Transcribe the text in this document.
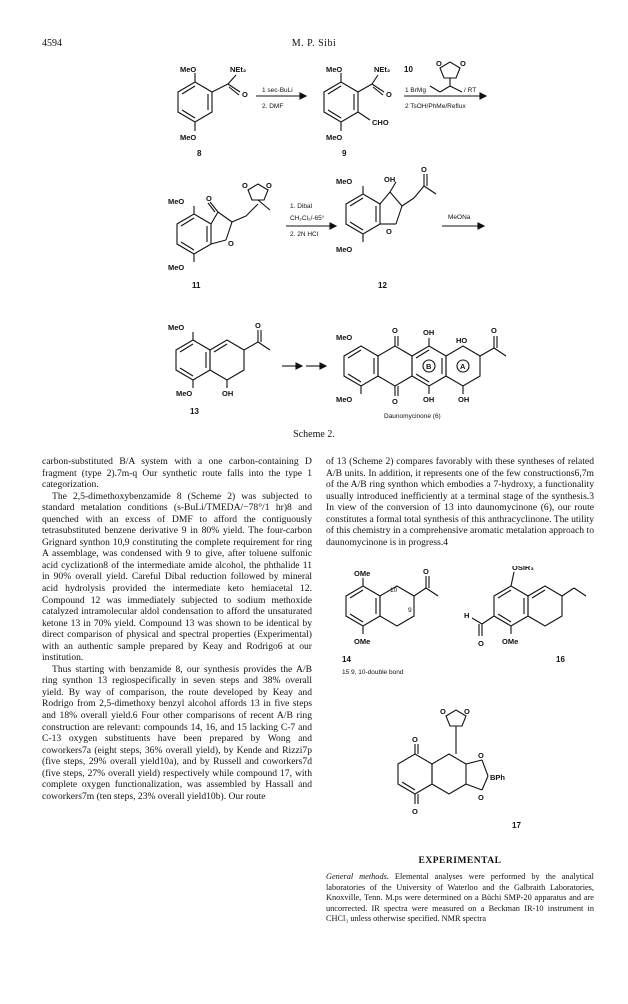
4594	M. P. Sibi
MeO	NEt₂
O
MeO
8
1 sec-BuLi
2. DMF
MeO	NEt₂
O
CHO
MeO
9
10
O O
1 BrMg	/ RT
2 TsOH/PhMe/Reflux
MeO	O
O
O O
MeO
11
1. Dibal
CH₂Cl₂/-65°
2. 2N HCl
MeO	OH
O
O
MeO
12
MeONa
MeO	O
MeO	OH
13
MeO
O	OH
HO
O
B	A
MeO	O	OH	OH
Daunomycinone (6)
Scheme 2.

carbon-substituted B/A system with a one carbon-containing D fragment (type 2).7m-q Our synthetic route falls into the type 1 categorization.

The 2,5-dimethoxybenzamide 8 (Scheme 2) was subjected to standard metalation conditions (s-BuLi/TMEDA/−78°/1 hr)8 and quenched with an excess of DMF to afford the contiguously tetrasubstituted benzene derivative 9 in 80% yield. The four-carbon Grignard synthon 10,9 constituting the complete requirement for ring A assemblage, was condensed with 9 to give, after toluene sulfonic acid cyclization8 of the intermediate amide alcohol, the phthalide 11 in 90% overall yield. Careful Dibal reduction followed by mineral acid hydrolysis provided the intermediate keto hemiacetal 12. Compound 12 was immediately subjected to sodium methoxide catalyzed intramolecular aldol condensation to afford the unsaturated ketone 13 in 70% yield. Compound 13 was shown to be identical by direct comparison of physical and spectral properties (Experimental) with an authentic sample prepared by Keay and Rodrigo6 at our institution.

Thus starting with benzamide 8, our synthesis provides the A/B ring synthon 13 regiospecifically in seven steps and 38% overall yield. By way of comparison, the route developed by Keay and Rodrigo from 2,5-dimethoxy benzyl alcohol affords 13 in five steps and 18% overall yield.6 Four other comparisons of recent A/B ring construction are relevant: compounds 14, 16, and 15 lacking C-7 and C-13 oxygen substituents have been prepared by Wong and coworkers7a (eight steps, 36% overall yield), by Kende and Rizzi7p (five steps, 29% overall yield10a), and by Russell and coworkers7d (five steps, 27% overall yield) respectively while compound 17, with complete oxygen functionalization, was assembled by Hassall and coworkers7m (ten steps, 23% overall yield10b). Our route

of 13 (Scheme 2) compares favorably with these syntheses of related A/B units. In addition, it represents one of the few constructions6,7m of the A/B ring synthon which embodies a 7-hydroxy, a functionality usually introduced inefficiently at a terminal stage of the synthesis.3 In view of the conversion of 13 into daunomycinone (6), our route constitutes a formal total synthesis of this anthracyclinone. The utility of this chemistry in a comprehensive aromatic metalation approach to daunomycinone is in progress.4

OMe	O
10
9
OMe
14
15 9, 10-double bond
OSiR₃
H
O OMe
16
O O
O
O
BPh
O
O
17
EXPERIMENTAL
General methods. Elemental analyses were performed by the analytical laboratories of the University of Waterloo and the Galbraith Laboratories, Knoxville, Tenn. M.ps were determined on a Büchi SMP-20 apparatus and are uncorrected. IR spectra were measured on a Beckman IR-10 instrument in CHCl₃ unless otherwise specified. NMR spectra
